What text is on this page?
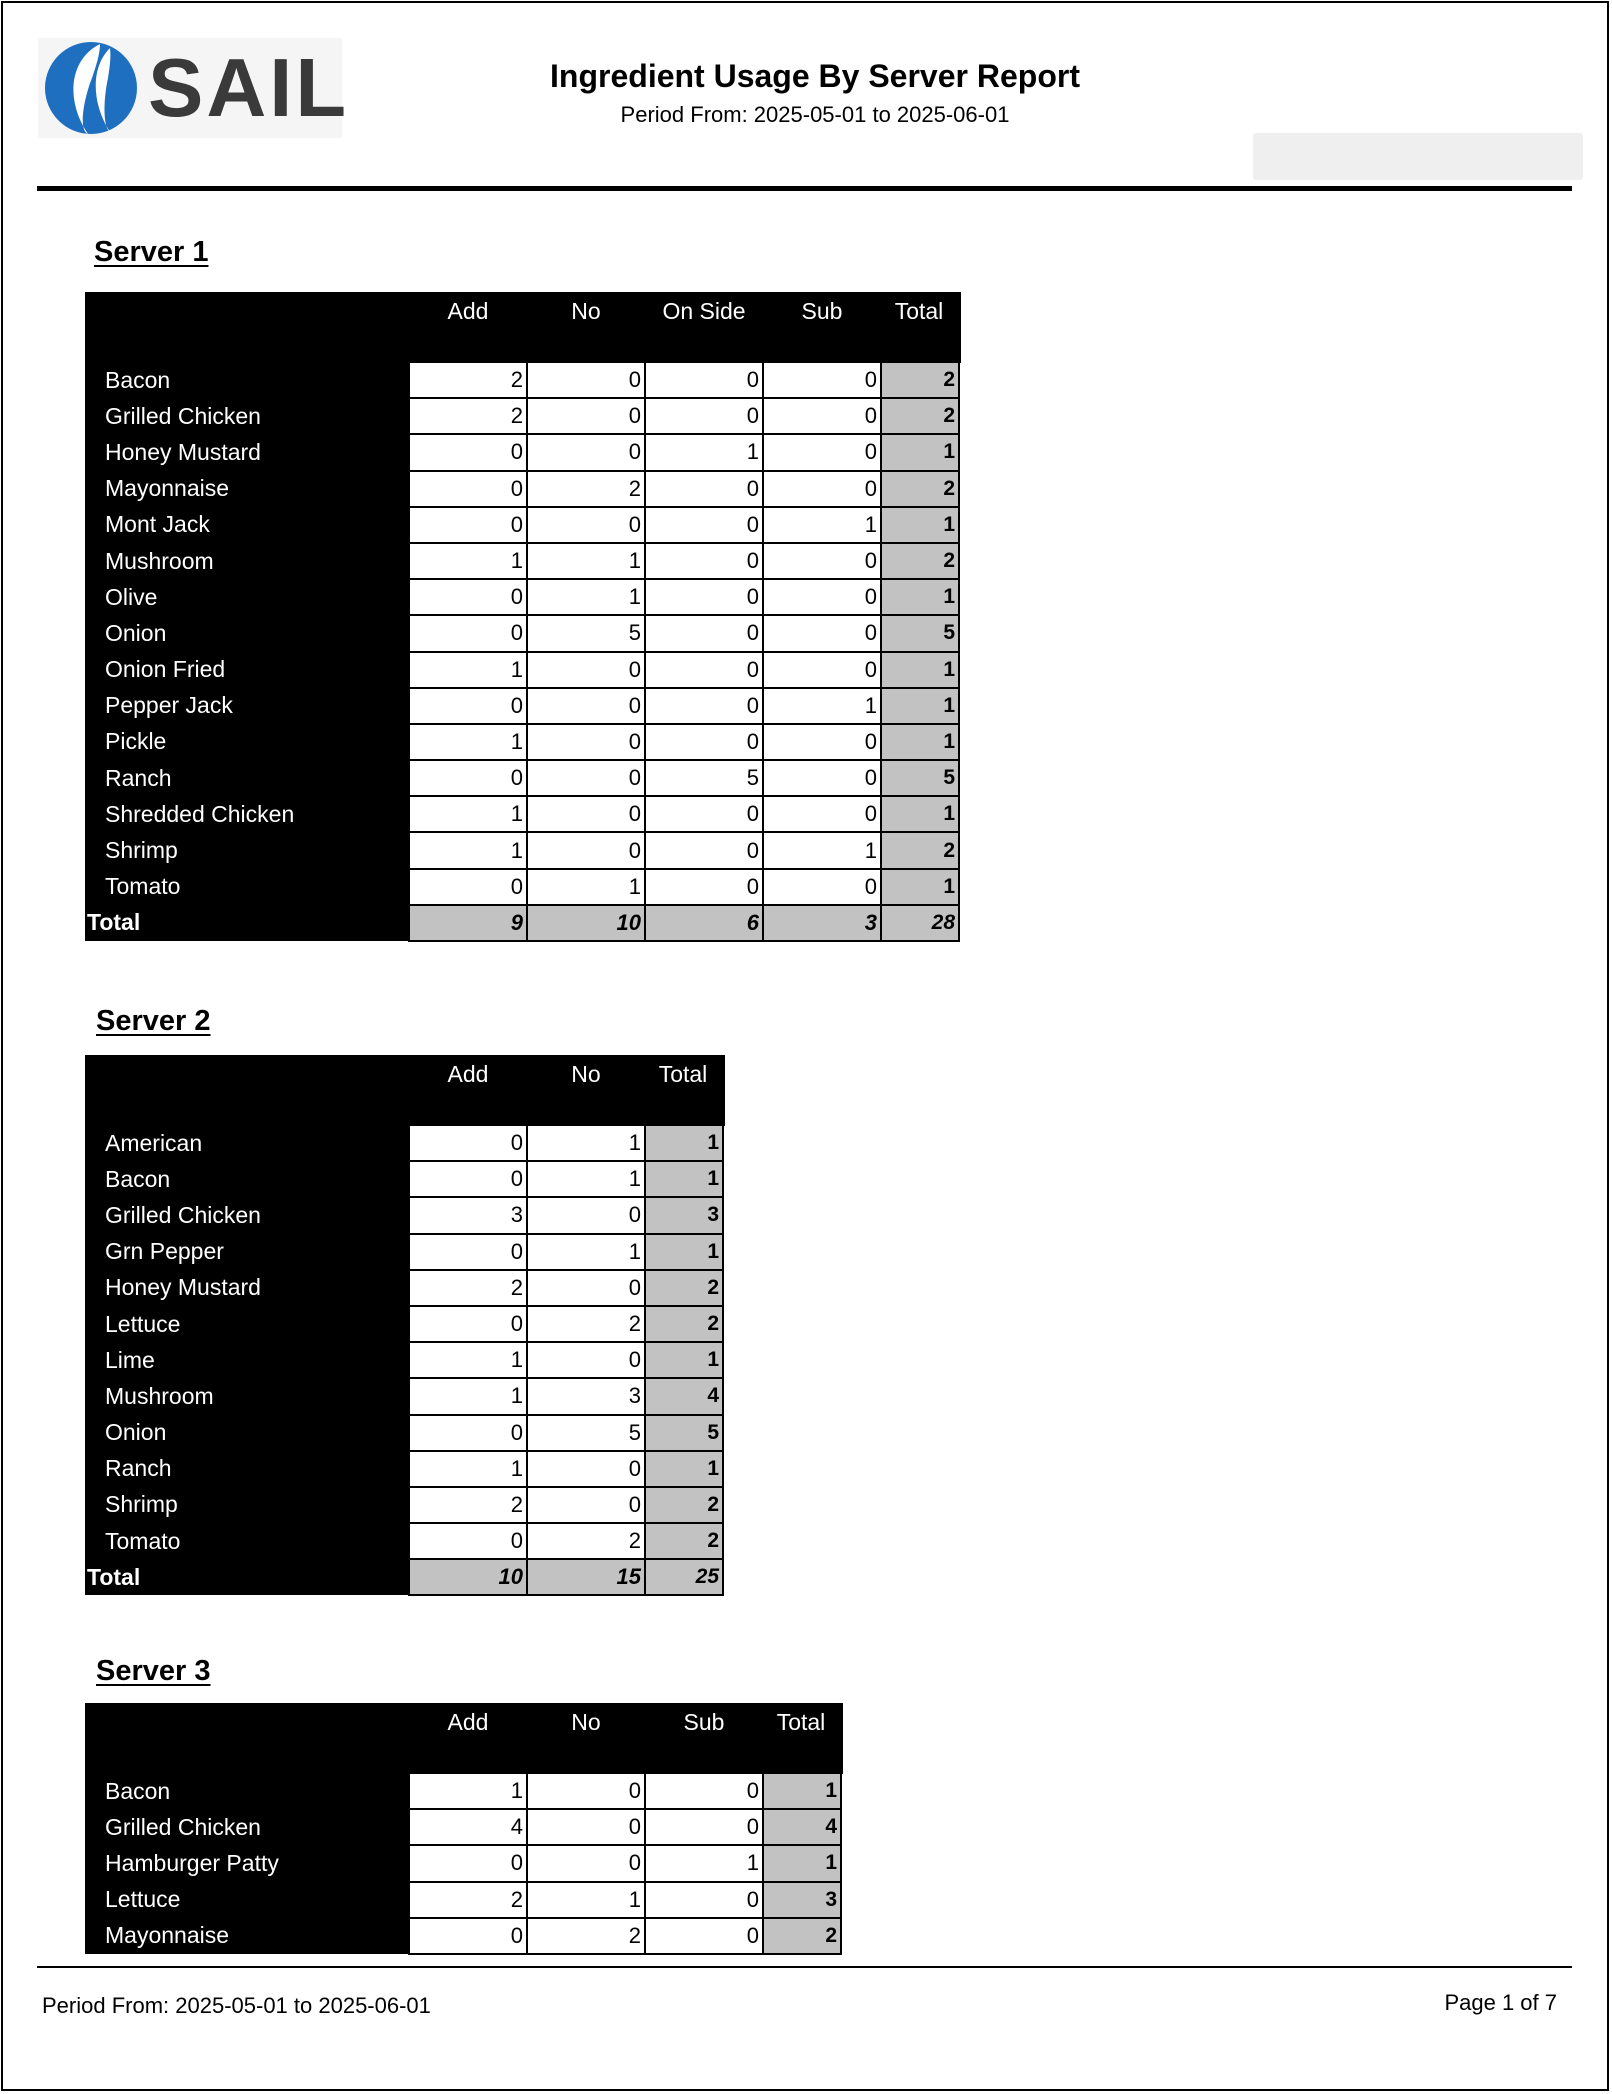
SAIL	Ingredient Usage By Server Report
Period From: 2025-05-01 to 2025-06-01
Server 1
	Add	No	On Side	Sub	Total
Bacon	2	0	0	0	2
Grilled Chicken	2	0	0	0	2
Honey Mustard	0	0	1	0	1
Mayonnaise	0	2	0	0	2
Mont Jack	0	0	0	1	1
Mushroom	1	1	0	0	2
Olive	0	1	0	0	1
Onion	0	5	0	0	5
Onion Fried	1	0	0	0	1
Pepper Jack	0	0	0	1	1
Pickle	1	0	0	0	1
Ranch	0	0	5	0	5
Shredded Chicken	1	0	0	0	1
Shrimp	1	0	0	1	2
Tomato	0	1	0	0	1
Total	9	10	6	3	28
Server 2
	Add	No	Total
American	0	1	1
Bacon	0	1	1
Grilled Chicken	3	0	3
Grn Pepper	0	1	1
Honey Mustard	2	0	2
Lettuce	0	2	2
Lime	1	0	1
Mushroom	1	3	4
Onion	0	5	5
Ranch	1	0	1
Shrimp	2	0	2
Tomato	0	2	2
Total	10	15	25
Server 3
	Add	No	Sub	Total
Bacon	1	0	0	1
Grilled Chicken	4	0	0	4
Hamburger Patty	0	0	1	1
Lettuce	2	1	0	3
Mayonnaise	0	2	0	2
Period From: 2025-05-01 to 2025-06-01	Page 1 of 7
